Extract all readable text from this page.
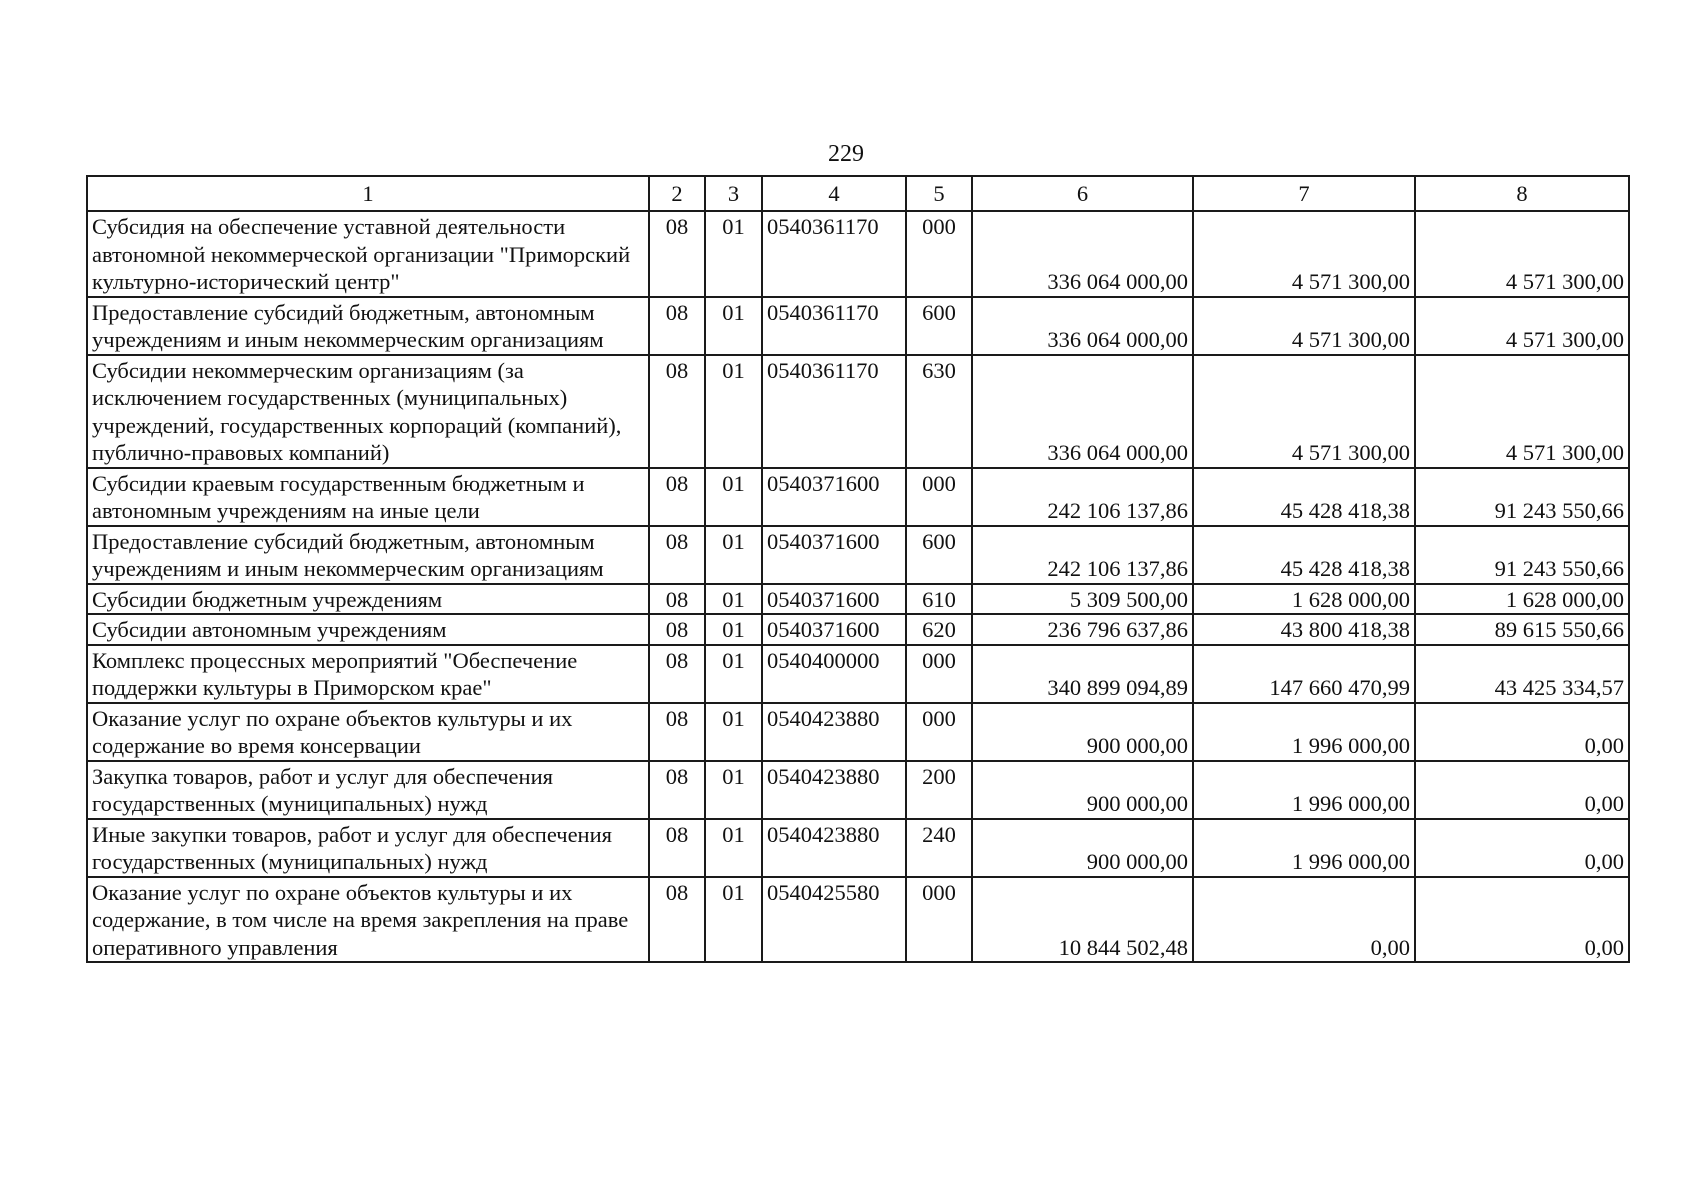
229
1	2	3	4	5	6	7	8
Субсидия на обеспечение уставной деятельности автономной некоммерческой организации "Приморский культурно-исторический центр"	08	01	0540361170	000	336 064 000,00	4 571 300,00	4 571 300,00
Предоставление субсидий бюджетным, автономным учреждениям и иным некоммерческим организациям	08	01	0540361170	600	336 064 000,00	4 571 300,00	4 571 300,00
Субсидии некоммерческим организациям (за исключением государственных (муниципальных) учреждений, государственных корпораций (компаний), публично-правовых компаний)	08	01	0540361170	630	336 064 000,00	4 571 300,00	4 571 300,00
Субсидии краевым государственным бюджетным и автономным учреждениям на иные цели	08	01	0540371600	000	242 106 137,86	45 428 418,38	91 243 550,66
Предоставление субсидий бюджетным, автономным учреждениям и иным некоммерческим организациям	08	01	0540371600	600	242 106 137,86	45 428 418,38	91 243 550,66
Субсидии бюджетным учреждениям	08	01	0540371600	610	5 309 500,00	1 628 000,00	1 628 000,00
Субсидии автономным учреждениям	08	01	0540371600	620	236 796 637,86	43 800 418,38	89 615 550,66
Комплекс процессных мероприятий "Обеспечение поддержки культуры в Приморском крае"	08	01	0540400000	000	340 899 094,89	147 660 470,99	43 425 334,57
Оказание услуг по охране объектов культуры и их содержание во время консервации	08	01	0540423880	000	900 000,00	1 996 000,00	0,00
Закупка товаров, работ и услуг для обеспечения государственных (муниципальных) нужд	08	01	0540423880	200	900 000,00	1 996 000,00	0,00
Иные закупки товаров, работ и услуг для обеспечения государственных (муниципальных) нужд	08	01	0540423880	240	900 000,00	1 996 000,00	0,00
Оказание услуг по охране объектов культуры и их содержание, в том числе на время закрепления на праве оперативного управления	08	01	0540425580	000	10 844 502,48	0,00	0,00
